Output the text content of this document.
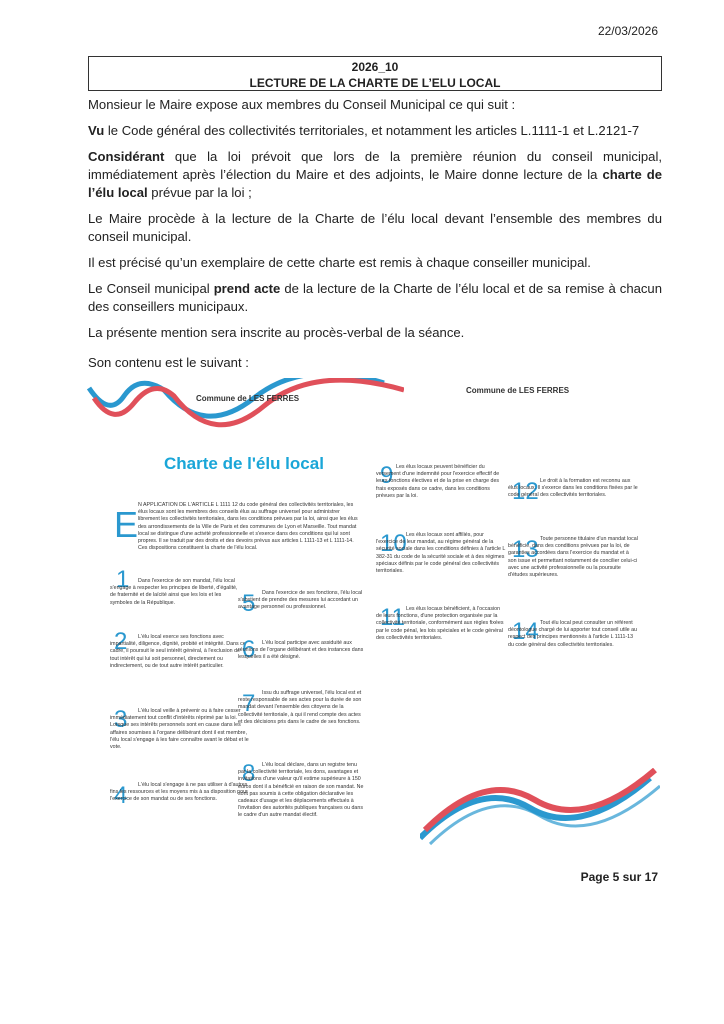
22/03/2026
2026_10
LECTURE DE LA CHARTE DE L’ELU LOCAL

Monsieur le Maire expose aux membres du Conseil Municipal ce qui suit :

Vu le Code général des collectivités territoriales, et notamment les articles L.1111-1 et L.2121-7

Considérant que la loi prévoit que lors de la première réunion du conseil municipal, immédiatement après l’élection du Maire et des adjoints, le Maire donne lecture de la charte de l’élu local prévue par la loi ;

Le Maire procède à la lecture de la Charte de l’élu local devant l’ensemble des membres du conseil municipal.

Il est précisé qu’un exemplaire de cette charte est remis à chaque conseiller municipal.

Le Conseil municipal prend acte de la lecture de la Charte de l’élu local et de sa remise à chacun des conseillers municipaux.

La présente mention sera inscrite au procès-verbal de la séance.

Son contenu est le suivant :

Commune de LES FERRES
Commune de LES FERRES
Charte de l'élu local
E N APPLICATION DE L'ARTICLE L 1111 12 du code général des collectivités territoriales, les élus locaux sont les membres des conseils élus au suffrage universel pour administrer librement les collectivités territoriales, dans les conditions prévues par la loi, ainsi que les élus des arrondissements de la Ville de Paris et des communes de Lyon et Marseille. Tout mandat local se distingue d'une activité professionnelle et s'exerce dans des conditions qui lui sont propres. Il se traduit par des droits et des devoirs prévus aux articles L 1111-13 et L 1111-14. Ces dispositions constituent la charte de l'élu local.
1	Dans l'exercice de son mandat, l'élu local s'engage à respecter les principes de liberté, d'égalité, de fraternité et de laïcité ainsi que les lois et les symboles de la République.
2	L'élu local exerce ses fonctions avec impartialité, diligence, dignité, probité et intégrité. Dans ce cadre, il poursuit le seul intérêt général, à l'exclusion de tout intérêt qui lui soit personnel, directement ou indirectement, ou de tout autre intérêt particulier.
3	L'élu local veille à prévenir ou à faire cesser immédiatement tout conflit d'intérêts réprimé par la loi. Lorsque ses intérêts personnels sont en cause dans les affaires soumises à l'organe délibérant dont il est membre, l'élu local s'engage à les faire connaître avant le débat et le vote.
4	L'élu local s'engage à ne pas utiliser à d'autres fins les ressources et les moyens mis à sa disposition pour l'exercice de son mandat ou de ses fonctions.
5	Dans l'exercice de ses fonctions, l'élu local s'abstient de prendre des mesures lui accordant un avantage personnel ou professionnel.
6	L'élu local participe avec assiduité aux réunions de l'organe délibérant et des instances dans lesquelles il a été désigné.
7	Issu du suffrage universel, l'élu local est et reste responsable de ses actes pour la durée de son mandat devant l'ensemble des citoyens de la collectivité territoriale, à qui il rend compte des actes et des décisions pris dans le cadre de ses fonctions.
8	L'élu local déclare, dans un registre tenu par la collectivité territoriale, les dons, avantages et invitations d'une valeur qu'il estime supérieure à 150 euros dont il a bénéficié en raison de son mandat. Ne sont pas soumis à cette obligation déclarative les cadeaux d'usage et les déplacements effectués à l'invitation des autorités publiques françaises ou dans le cadre d'un autre mandat électif.
9 Les élus locaux peuvent bénéficier du versement d'une indemnité pour l'exercice effectif de leurs fonctions électives et de la prise en charge des frais exposés dans ce cadre, dans les conditions prévues par la loi.
10 Les élus locaux sont affiliés, pour l'exercice de leur mandat, au régime général de la sécurité sociale dans les conditions définies à l'article L 382-31 du code de la sécurité sociale et à des régimes spéciaux définis par le code général des collectivités territoriales.
11 Les élus locaux bénéficient, à l'occasion de leurs fonctions, d'une protection organisée par la collectivité territoriale, conformément aux règles fixées par le code pénal, les lois spéciales et le code général des collectivités territoriales.
12 Le droit à la formation est reconnu aux élus locaux. Il s'exerce dans les conditions fixées par le code général des collectivités territoriales.
13 Toute personne titulaire d'un mandat local bénéficie, dans des conditions prévues par la loi, de garanties accordées dans l'exercice du mandat et à son issue et permettant notamment de concilier celui-ci avec une activité professionnelle ou la poursuite d'études supérieures.
14 Tout élu local peut consulter un référent déontologue chargé de lui apporter tout conseil utile au respect des principes mentionnés à l'article L 1111-13 du code général des collectivités territoriales.
Page 5 sur 17
